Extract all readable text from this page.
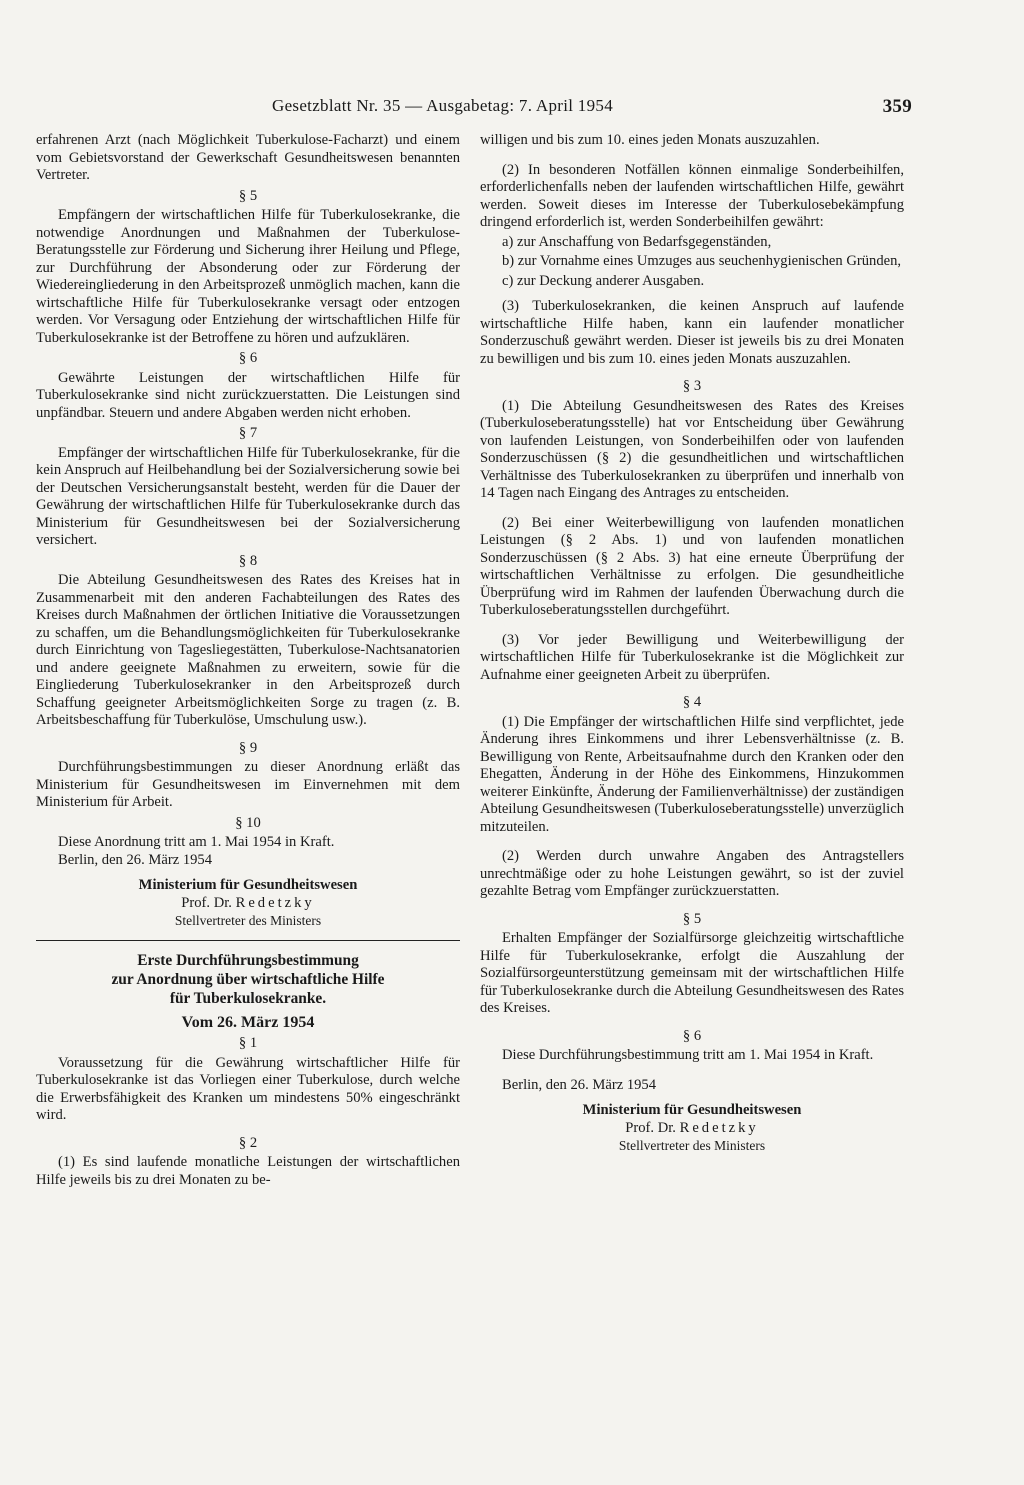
Gesetzblatt Nr. 35 — Ausgabetag: 7. April 1954	359

erfahrenen Arzt (nach Möglichkeit Tuberkulose-Facharzt) und einem vom Gebietsvorstand der Gewerkschaft Gesundheitswesen benannten Vertreter.

§ 5

Empfängern der wirtschaftlichen Hilfe für Tuberkulosekranke, die notwendige Anordnungen und Maßnahmen der Tuberkulose-Beratungsstelle zur Förderung und Sicherung ihrer Heilung und Pflege, zur Durchführung der Absonderung oder zur Förderung der Wiedereingliederung in den Arbeitsprozeß unmöglich machen, kann die wirtschaftliche Hilfe für Tuberkulosekranke versagt oder entzogen werden. Vor Versagung oder Entziehung der wirtschaftlichen Hilfe für Tuberkulosekranke ist der Betroffene zu hören und aufzuklären.

§ 6

Gewährte Leistungen der wirtschaftlichen Hilfe für Tuberkulosekranke sind nicht zurückzuerstatten. Die Leistungen sind unpfändbar. Steuern und andere Abgaben werden nicht erhoben.

§ 7

Empfänger der wirtschaftlichen Hilfe für Tuberkulosekranke, für die kein Anspruch auf Heilbehandlung bei der Sozialversicherung sowie bei der Deutschen Versicherungsanstalt besteht, werden für die Dauer der Gewährung der wirtschaftlichen Hilfe für Tuberkulosekranke durch das Ministerium für Gesundheitswesen bei der Sozialversicherung versichert.

§ 8

Die Abteilung Gesundheitswesen des Rates des Kreises hat in Zusammenarbeit mit den anderen Fachabteilungen des Rates des Kreises durch Maßnahmen der örtlichen Initiative die Voraussetzungen zu schaffen, um die Behandlungsmöglichkeiten für Tuberkulosekranke durch Einrichtung von Tagesliegestätten, Tuberkulose-Nachtsanatorien und andere geeignete Maßnahmen zu erweitern, sowie für die Eingliederung Tuberkulosekranker in den Arbeitsprozeß durch Schaffung geeigneter Arbeitsmöglichkeiten Sorge zu tragen (z. B. Arbeitsbeschaffung für Tuberkulöse, Umschulung usw.).

§ 9

Durchführungsbestimmungen zu dieser Anordnung erläßt das Ministerium für Gesundheitswesen im Einvernehmen mit dem Ministerium für Arbeit.

§ 10

Diese Anordnung tritt am 1. Mai 1954 in Kraft.

Berlin, den 26. März 1954

Ministerium für Gesundheitswesen
Prof. Dr. Redetzky
Stellvertreter des Ministers
Erste Durchführungsbestimmung
zur Anordnung über wirtschaftliche Hilfe
für Tuberkulosekranke.
Vom 26. März 1954
§ 1

Voraussetzung für die Gewährung wirtschaftlicher Hilfe für Tuberkulosekranke ist das Vorliegen einer Tuberkulose, durch welche die Erwerbsfähigkeit des Kranken um mindestens 50% eingeschränkt wird.

§ 2

(1) Es sind laufende monatliche Leistungen der wirtschaftlichen Hilfe jeweils bis zu drei Monaten zu be-

willigen und bis zum 10. eines jeden Monats auszuzahlen.

(2) In besonderen Notfällen können einmalige Sonderbeihilfen, erforderlichenfalls neben der laufenden wirtschaftlichen Hilfe, gewährt werden. Soweit dieses im Interesse der Tuberkulosebekämpfung dringend erforderlich ist, werden Sonderbeihilfen gewährt:

a) zur Anschaffung von Bedarfsgegenständen,
b) zur Vornahme eines Umzuges aus seuchenhygienischen Gründen,
c) zur Deckung anderer Ausgaben.

(3) Tuberkulosekranken, die keinen Anspruch auf laufende wirtschaftliche Hilfe haben, kann ein laufender monatlicher Sonderzuschuß gewährt werden. Dieser ist jeweils bis zu drei Monaten zu bewilligen und bis zum 10. eines jeden Monats auszuzahlen.

§ 3

(1) Die Abteilung Gesundheitswesen des Rates des Kreises (Tuberkuloseberatungsstelle) hat vor Entscheidung über Gewährung von laufenden Leistungen, von Sonderbeihilfen oder von laufenden Sonderzuschüssen (§ 2) die gesundheitlichen und wirtschaftlichen Verhältnisse des Tuberkulosekranken zu überprüfen und innerhalb von 14 Tagen nach Eingang des Antrages zu entscheiden.

(2) Bei einer Weiterbewilligung von laufenden monatlichen Leistungen (§ 2 Abs. 1) und von laufenden monatlichen Sonderzuschüssen (§ 2 Abs. 3) hat eine erneute Überprüfung der wirtschaftlichen Verhältnisse zu erfolgen. Die gesundheitliche Überprüfung wird im Rahmen der laufenden Überwachung durch die Tuberkuloseberatungsstellen durchgeführt.

(3) Vor jeder Bewilligung und Weiterbewilligung der wirtschaftlichen Hilfe für Tuberkulosekranke ist die Möglichkeit zur Aufnahme einer geeigneten Arbeit zu überprüfen.

§ 4

(1) Die Empfänger der wirtschaftlichen Hilfe sind verpflichtet, jede Änderung ihres Einkommens und ihrer Lebensverhältnisse (z. B. Bewilligung von Rente, Arbeitsaufnahme durch den Kranken oder den Ehegatten, Änderung in der Höhe des Einkommens, Hinzukommen weiterer Einkünfte, Änderung der Familienverhältnisse) der zuständigen Abteilung Gesundheitswesen (Tuberkuloseberatungsstelle) unverzüglich mitzuteilen.

(2) Werden durch unwahre Angaben des Antragstellers unrechtmäßige oder zu hohe Leistungen gewährt, so ist der zuviel gezahlte Betrag vom Empfänger zurückzuerstatten.

§ 5

Erhalten Empfänger der Sozialfürsorge gleichzeitig wirtschaftliche Hilfe für Tuberkulosekranke, erfolgt die Auszahlung der Sozialfürsorgeunterstützung gemeinsam mit der wirtschaftlichen Hilfe für Tuberkulosekranke durch die Abteilung Gesundheitswesen des Rates des Kreises.

§ 6

Diese Durchführungsbestimmung tritt am 1. Mai 1954 in Kraft.

Berlin, den 26. März 1954

Ministerium für Gesundheitswesen
Prof. Dr. Redetzky
Stellvertreter des Ministers
